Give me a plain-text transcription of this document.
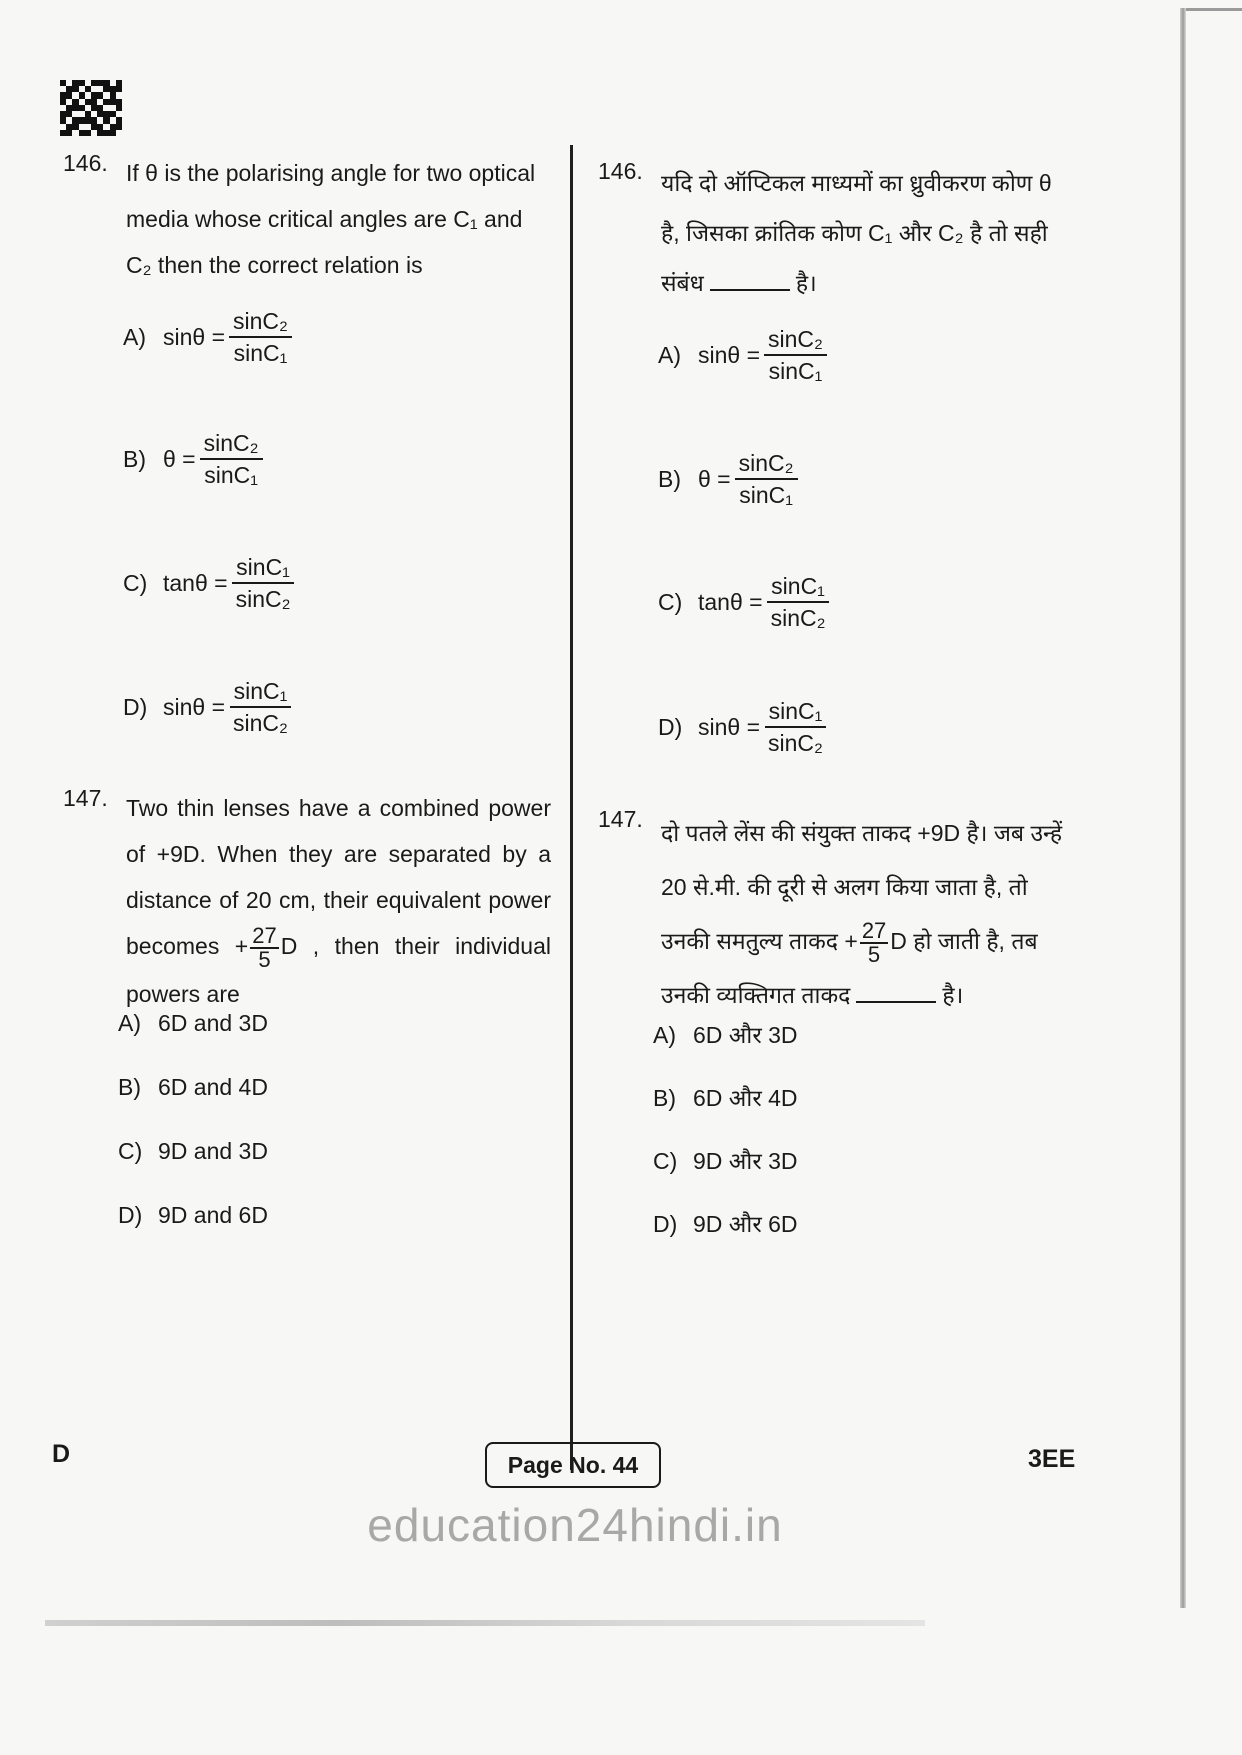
146. If θ is the polarising angle for two optical media whose critical angles are C₁ and C₂ then the correct relation is
A) $\sin\theta = \frac{\text{sinC₂}}{\text{sinC₁}}$
B) $\theta = \frac{\text{sinC₂}}{\text{sinC₁}}$
C) $\tan\theta = \frac{\text{sinC₁}}{\text{sinC₂}}$
D) $\sin\theta = \frac{\text{sinC₁}}{\text{sinC₂}}$
147. Two thin lenses have a combined power of +9D. When they are separated by a distance of 20 cm, their equivalent power becomes + $\frac{27}{5}$ D , then their individual powers are
A) 6D and 3D
B) 6D and 4D
C) 9D and 3D
D) 9D and 6D
146. यदि दो ऑप्टिकल माध्यमों का ध्रुवीकरण कोण θ है, जिसका क्रांतिक कोण C₁ और C₂ है तो सही संबंध	है।
A) $\sin\theta = \frac{\text{sinC₂}}{\text{sinC₁}}$
B) $\theta = \frac{\text{sinC₂}}{\text{sinC₁}}$
C) $\tan\theta = \frac{\text{sinC₁}}{\text{sinC₂}}$
D) $\sin\theta = \frac{\text{sinC₁}}{\text{sinC₂}}$
147.
दो पतले लेंस की संयुक्त ताकद +9D है। जब उन्हें 20 से.मी. की दूरी से अलग किया जाता है, तो उनकी समतुल्य ताकद + $\frac{27}{5}$ D हो जाती है, तब उनकी व्यक्तिगत ताकद	है।
A) 6D और 3D
B) 6D और 4D
C) 9D और 3D
D) 9D और 6D
D	Page No. 44	3EE
education24hindi.in
